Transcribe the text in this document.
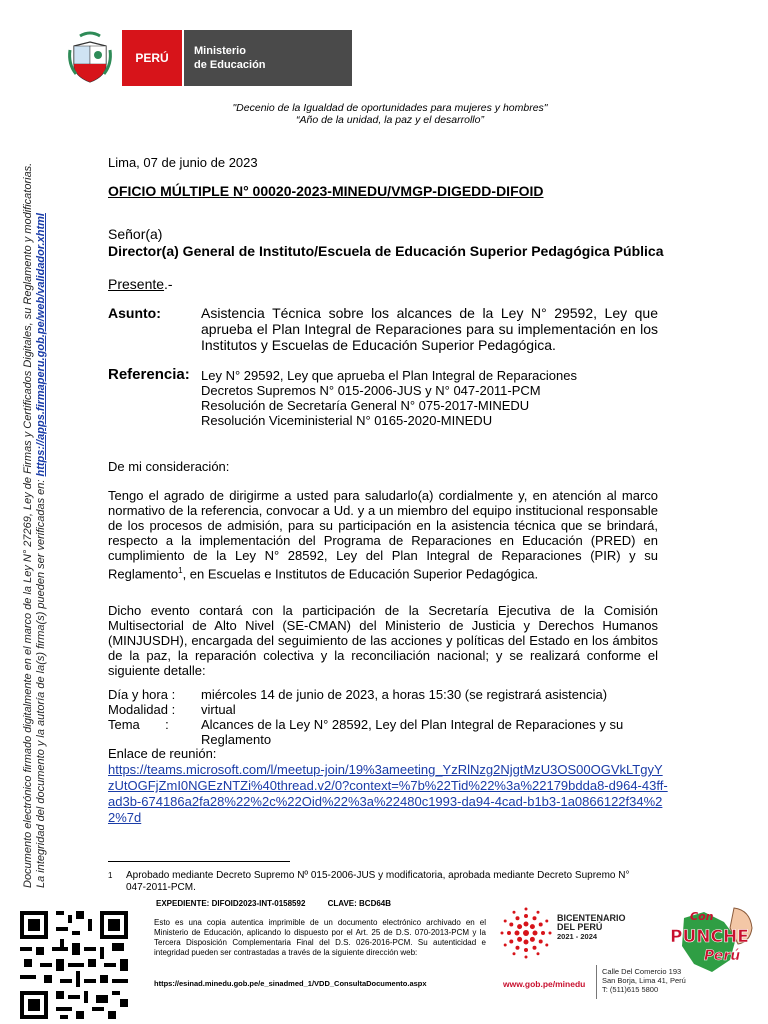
PERÚ Ministerio
de Educación
"Decenio de la Igualdad de oportunidades para mujeres y hombres"
“Año de la unidad, la paz y el desarrollo”
Documento electrónico firmado digitalmente en el marco de la Ley N° 27269, Ley de Firmas y Certificados Digitales, su Reglamento y modificatorias. La integridad del documento y la autoría de la(s) firma(s) pueden ser verificadas en: https://apps.firmaperu.gob.pe/web/validador.xhtml
Lima, 07 de junio de 2023
OFICIO MÚLTIPLE N° 00020-2023-MINEDU/VMGP-DIGEDD-DIFOID
Señor(a)
Director(a) General de Instituto/Escuela de Educación Superior Pedagógica Pública
Presente.-
Asunto:	Asistencia Técnica sobre los alcances de la Ley N° 29592, Ley que aprueba el Plan Integral de Reparaciones para su implementación en los Institutos y Escuelas de Educación Superior Pedagógica.
Referencia: Ley N° 29592, Ley que aprueba el Plan Integral de Reparaciones
Decretos Supremos N° 015-2006-JUS y N° 047-2011-PCM
Resolución de Secretaría General N° 075-2017-MINEDU
Resolución Viceministerial N° 0165-2020-MINEDU
De mi consideración:
Tengo el agrado de dirigirme a usted para saludarlo(a) cordialmente y, en atención al marco normativo de la referencia, convocar a Ud. y a un miembro del equipo institucional responsable de los procesos de admisión, para su participación en la asistencia técnica que se brindará, respecto a la implementación del Programa de Reparaciones en Educación (PRED) en cumplimiento de la Ley N° 28592, Ley del Plan Integral de Reparaciones (PIR) y su Reglamento$^1$, en Escuelas e Institutos de Educación Superior Pedagógica.
Dicho evento contará con la participación de la Secretaría Ejecutiva de la Comisión Multisectorial de Alto Nivel (SE-CMAN) del Ministerio de Justicia y Derechos Humanos (MINJUSDH), encargada del seguimiento de las acciones y políticas del Estado en los ámbitos de la paz, la reparación colectiva y la reconciliación nacional; y se realizará conforme el siguiente detalle:
Día y hora : miércoles 14 de junio de 2023, a horas 15:30 (se registrará asistencia)
Modalidad : virtual
Tema       : Alcances de la Ley N° 28592, Ley del Plan Integral de Reparaciones y su Reglamento
Enlace de reunión:
https://teams.microsoft.com/l/meetup-join/19%3ameeting_YzRlNzg2NjgtMzU3OS00OGVkLTgyYzUtOGFjZmI0NGEzNTZi%40thread.v2/0?context=%7b%22Tid%22%3a%22179bdda8-d964-43ff-ad3b-674186a2fa28%22%2c%22Oid%22%3a%22480c1993-da94-4cad-b1b3-1a0866122f34%22%7d
1 Aprobado mediante Decreto Supremo Nº 015-2006-JUS y modificatoria, aprobada mediante Decreto Supremo N° 047-2011-PCM.
EXPEDIENTE: DIFOID2023-INT-0158592          CLAVE: BCD64B
Esto es una copia autentica imprimible de un documento electrónico archivado en el Ministerio de Educación, aplicando lo dispuesto por el Art. 25 de D.S. 070-2013-PCM y la Tercera Disposición Complementaria Final del D.S. 026-2016-PCM. Su autenticidad e integridad pueden ser contrastadas a través de la siguiente dirección web:
https://esinad.minedu.gob.pe/e_sinadmed_1/VDD_ConsultaDocumento.aspx
BICENTENARIO
DEL PERÚ
2021 - 2024
Con
PUNCHE
Perú
www.gob.pe/minedu
Calle Del Comercio 193
San Borja, Lima 41, Perú
T: (511)615 5800
